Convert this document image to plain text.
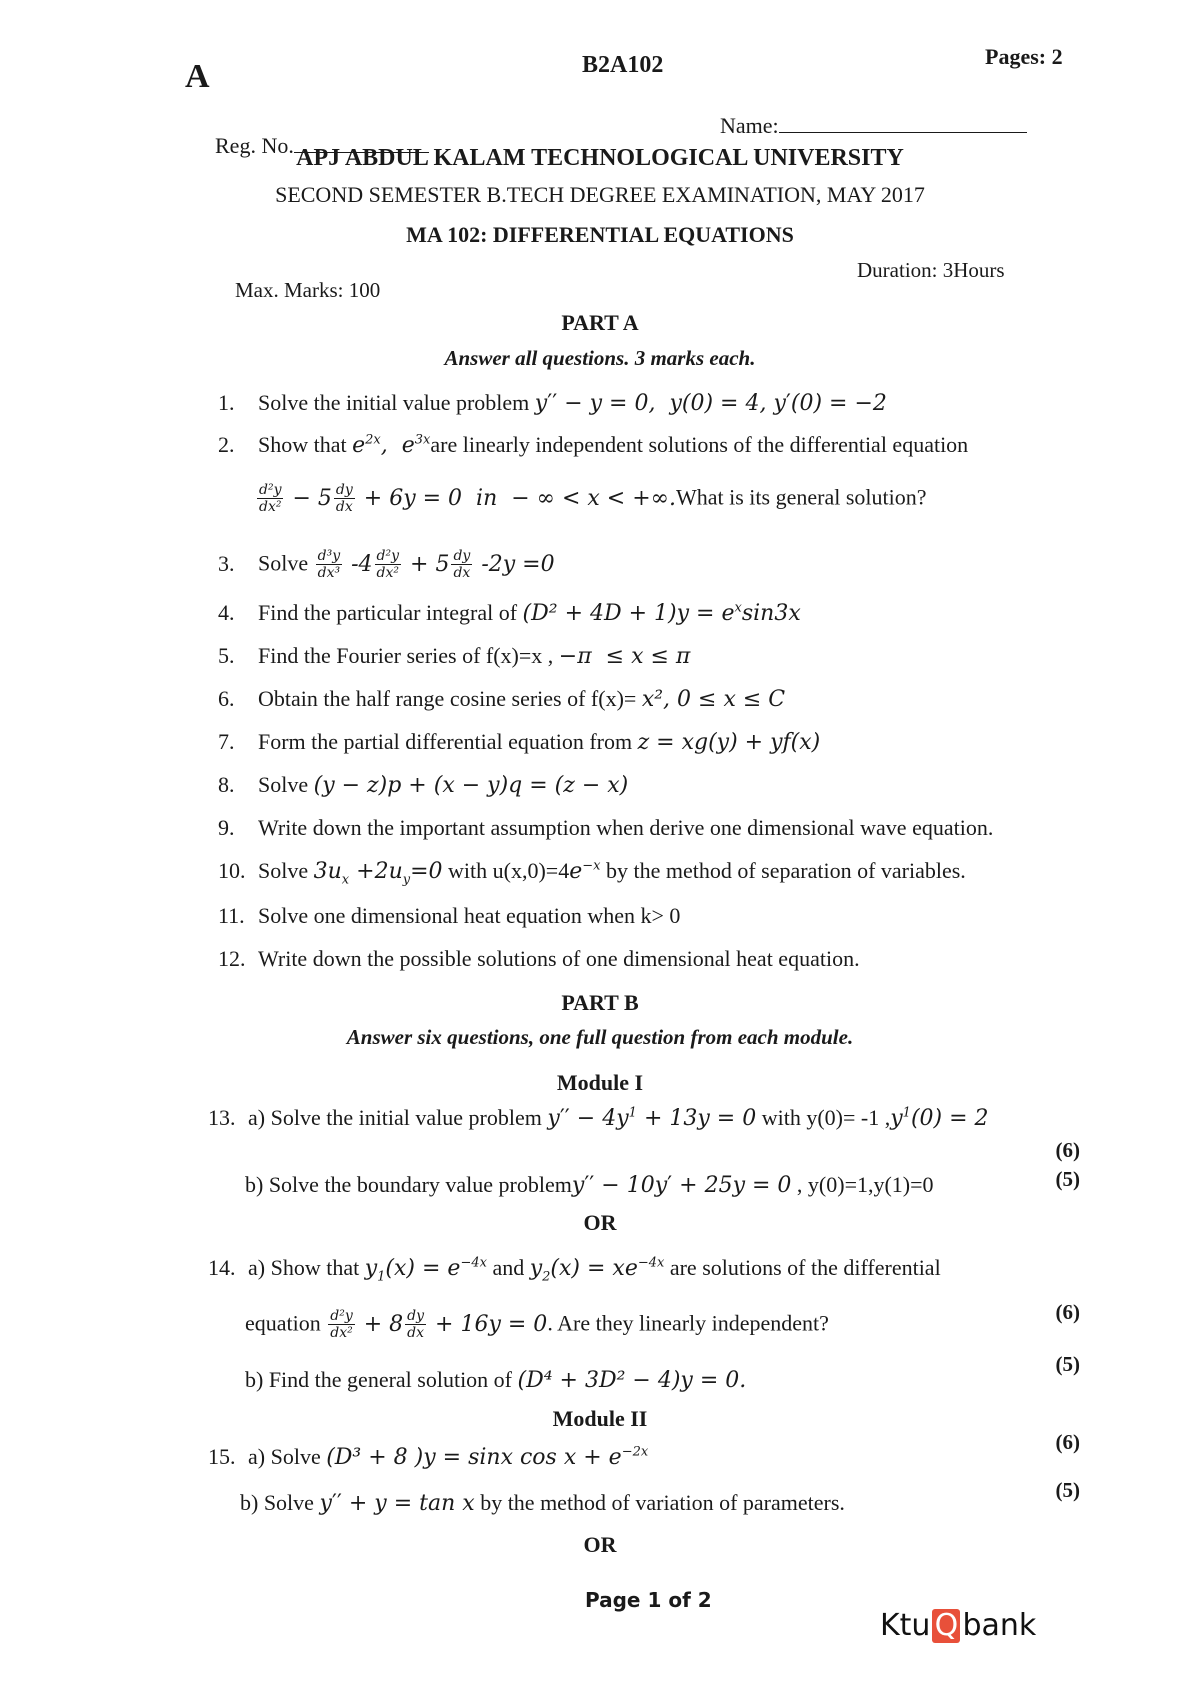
A	B2A102	Pages: 2
Name:
Reg. No. APJ ABDUL KALAM TECHNOLOGICAL UNIVERSITY
SECOND SEMESTER B.TECH DEGREE EXAMINATION, MAY 2017
MA 102: DIFFERENTIAL EQUATIONS
Max. Marks: 100
Duration: 3Hours
PART A
Answer all questions. 3 marks each.
1. Solve the initial value problem y′′ − y = 0,  y(0) = 4, y′(0) = −2
2. Show that $e^{2x}$,  $e^{3x}are$ linearly independent solutions of the differential equation
$\frac{\text{d²y}}{\text{dx²}} - 5 \frac{dy}{dx} + 6y = 0$  in  − ∞ < x < +∞.What is its general solution?
3. Solve $\frac{\text{d³y}}{\text{dx³}} -4 \frac{\text{d²y}}{\text{dx²}} + 5 \frac{dy}{dx} -2y =0$
4. Find the particular integral of $(D^2 + 4D + 1)y = e^x\sin 3x$
5. Find the Fourier series of f(x)=x , −π  ≤ x ≤ π
6. Obtain the half range cosine series of f(x)= x², 0 ≤ x ≤ C
7. Form the partial differential equation from z = xg(y) + yf(x)
8. Solve (y − z)p + (x − y)q = (z − x)
9. Write down the important assumption when derive one dimensional wave equation.
10. Solve $3u_x +2u_y=0$ with $u(x,0)=4e^{-x}$ by the method of separation of variables.
11. Solve one dimensional heat equation when k> 0
12. Write down the possible solutions of one dimensional heat equation.
PART B
Answer six questions, one full question from each module.
Module I
13. a) Solve the initial value problem $y'' - 4y^1 + 13y = 0$ with y(0)= -1 $,y^1(0) = 2$
(6)
b) Solve the boundary value problemy′′ − 10y′ + 25y = 0 , y(0)=1,y(1)=0	(5)
OR
14. a) Show that $y_1(x) = e^{-4x}$ and $y_2(x) = xe^{-4x}$ are solutions of the differential
equation $\frac{\text{d²y}}{\text{dx²}} + 8 \frac{dy}{dx} + 16y = 0$. Are they linearly independent?	(6)
b) Find the general solution of (D⁴ + 3D² − 4)y = 0.
(5)
Module II
15. a) Solve (D³ + 8 )y = sinx $\cos x + e^{-2x}$	(6)
b) Solve y′′ + y = tan x by the method of variation of parameters.	(5)
OR
Page 1 of 2
Ktu Q bank
